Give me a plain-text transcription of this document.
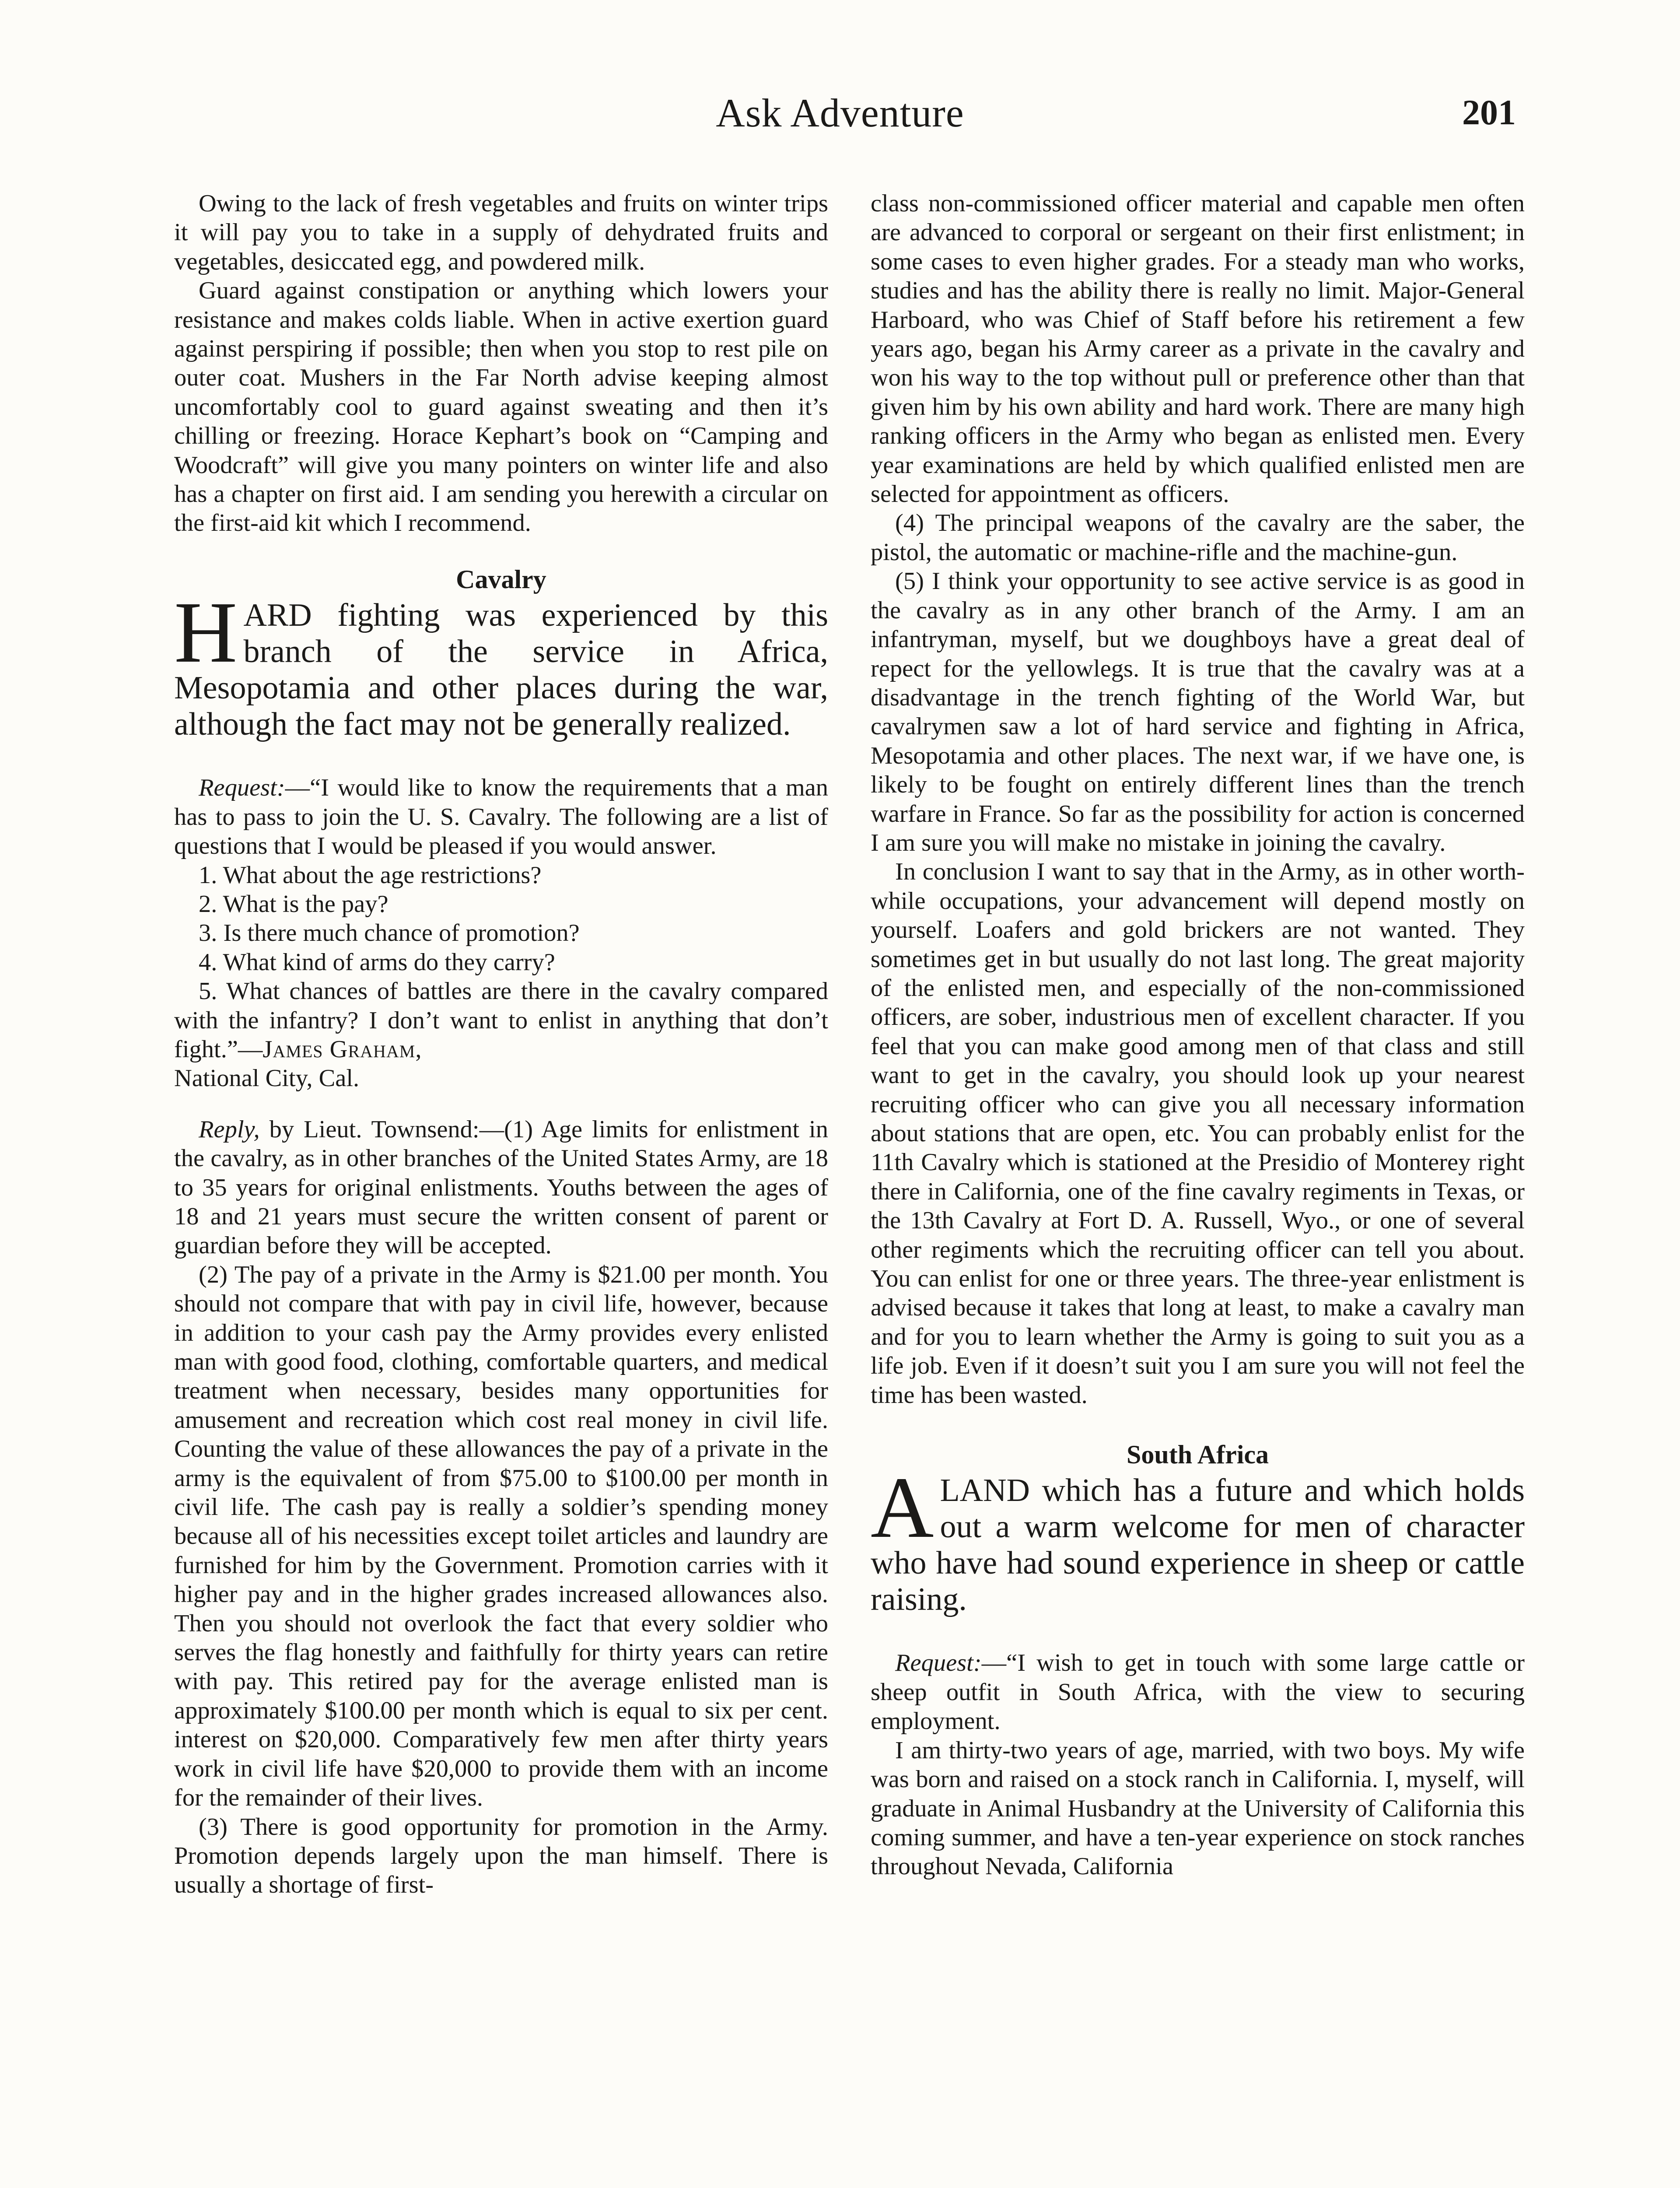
Ask Adventure	201

Owing to the lack of fresh vegetables and fruits on winter trips it will pay you to take in a supply of dehydrated fruits and vegetables, desiccated egg, and powdered milk.

Guard against constipation or anything which lowers your resistance and makes colds liable. When in active exertion guard against perspiring if possible; then when you stop to rest pile on outer coat. Mushers in the Far North advise keeping almost uncomfortably cool to guard against sweating and then it’s chilling or freezing. Horace Kephart’s book on “Camping and Woodcraft” will give you many pointers on winter life and also has a chapter on first aid. I am sending you herewith a circular on the first-aid kit which I recommend.

Cavalry
HARD fighting was experienced by this branch of the service in Africa, Mesopotamia and other places during the war, although the fact may not be generally realized.

Request:—“I would like to know the requirements that a man has to pass to join the U. S. Cavalry. The following are a list of questions that I would be pleased if you would answer.

1. What about the age restrictions?

2. What is the pay?

3. Is there much chance of promotion?

4. What kind of arms do they carry?

5. What chances of battles are there in the cavalry compared with the infantry? I don’t want to enlist in anything that don’t fight.”—James Graham,

National City, Cal.

Reply, by Lieut. Townsend:—(1) Age limits for enlistment in the cavalry, as in other branches of the United States Army, are 18 to 35 years for original enlistments. Youths between the ages of 18 and 21 years must secure the written consent of parent or guardian before they will be accepted.

(2) The pay of a private in the Army is $21.00 per month. You should not compare that with pay in civil life, however, because in addition to your cash pay the Army provides every enlisted man with good food, clothing, comfortable quarters, and medical treatment when necessary, besides many opportunities for amusement and recreation which cost real money in civil life. Counting the value of these allowances the pay of a private in the army is the equivalent of from $75.00 to $100.00 per month in civil life. The cash pay is really a soldier’s spending money because all of his necessities except toilet articles and laundry are furnished for him by the Government. Promotion carries with it higher pay and in the higher grades increased allowances also. Then you should not overlook the fact that every soldier who serves the flag honestly and faithfully for thirty years can retire with pay. This retired pay for the average enlisted man is approximately $100.00 per month which is equal to six per cent. interest on $20,000. Comparatively few men after thirty years work in civil life have $20,000 to provide them with an income for the remainder of their lives.

(3) There is good opportunity for promotion in the Army. Promotion depends largely upon the man himself. There is usually a shortage of first-

class non-commissioned officer material and capable men often are advanced to corporal or sergeant on their first enlistment; in some cases to even higher grades. For a steady man who works, studies and has the ability there is really no limit. Major-General Harboard, who was Chief of Staff before his retirement a few years ago, began his Army career as a private in the cavalry and won his way to the top without pull or preference other than that given him by his own ability and hard work. There are many high ranking officers in the Army who began as enlisted men. Every year examinations are held by which qualified enlisted men are selected for appointment as officers.

(4) The principal weapons of the cavalry are the saber, the pistol, the automatic or machine-rifle and the machine-gun.

(5) I think your opportunity to see active service is as good in the cavalry as in any other branch of the Army. I am an infantryman, myself, but we doughboys have a great deal of repect for the yellowlegs. It is true that the cavalry was at a disadvantage in the trench fighting of the World War, but cavalrymen saw a lot of hard service and fighting in Africa, Mesopotamia and other places. The next war, if we have one, is likely to be fought on entirely different lines than the trench warfare in France. So far as the possibility for action is concerned I am sure you will make no mistake in joining the cavalry.

In conclusion I want to say that in the Army, as in other worth-while occupations, your advancement will depend mostly on yourself. Loafers and gold brickers are not wanted. They sometimes get in but usually do not last long. The great majority of the enlisted men, and especially of the non-commissioned officers, are sober, industrious men of excellent character. If you feel that you can make good among men of that class and still want to get in the cavalry, you should look up your nearest recruiting officer who can give you all necessary information about stations that are open, etc. You can probably enlist for the 11th Cavalry which is stationed at the Presidio of Monterey right there in California, one of the fine cavalry regiments in Texas, or the 13th Cavalry at Fort D. A. Russell, Wyo., or one of several other regiments which the recruiting officer can tell you about. You can enlist for one or three years. The three-year enlistment is advised because it takes that long at least, to make a cavalry man and for you to learn whether the Army is going to suit you as a life job. Even if it doesn’t suit you I am sure you will not feel the time has been wasted.

South Africa
ALAND which has a future and which holds out a warm welcome for men of character who have had sound experience in sheep or cattle raising.

Request:—“I wish to get in touch with some large cattle or sheep outfit in South Africa, with the view to securing employment.

I am thirty-two years of age, married, with two boys. My wife was born and raised on a stock ranch in California. I, myself, will graduate in Animal Husbandry at the University of California this coming summer, and have a ten-year experience on stock ranches throughout Nevada, California
